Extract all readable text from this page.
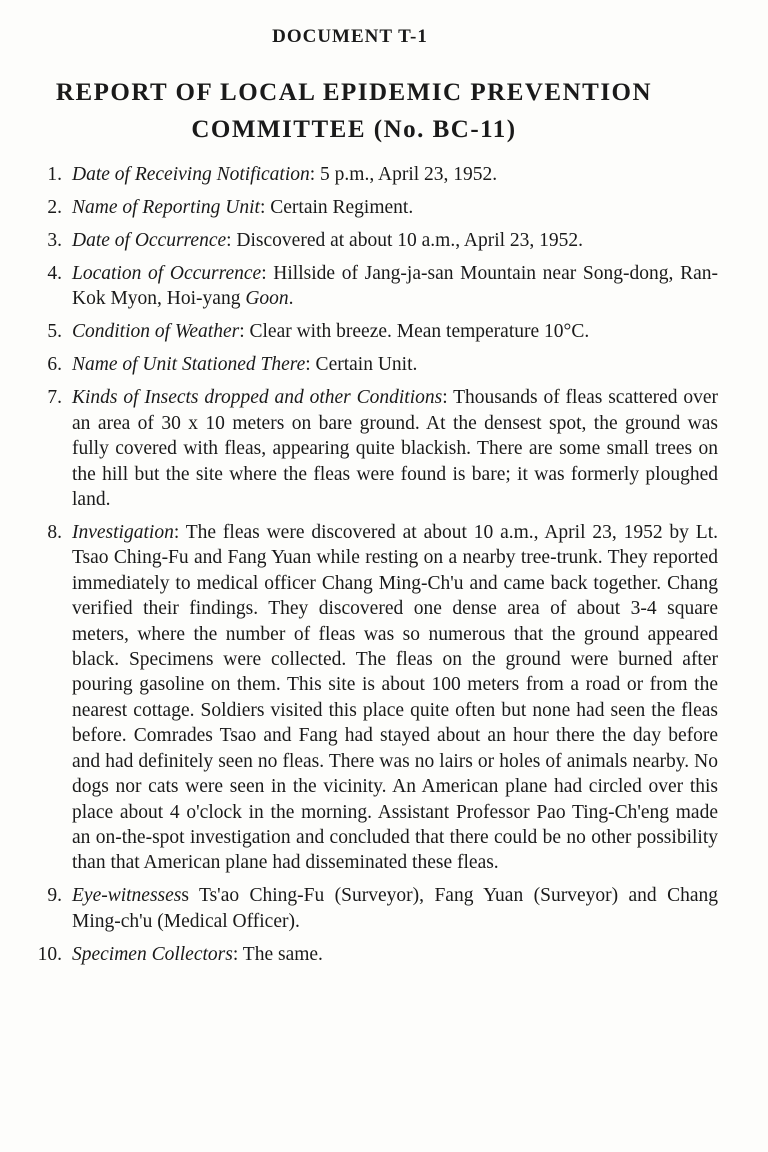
DOCUMENT T-1
REPORT OF LOCAL EPIDEMIC PREVENTION
COMMITTEE (No. BC-11)
1. Date of Receiving Notification: 5 p.m., April 23, 1952.
2. Name of Reporting Unit: Certain Regiment.
3. Date of Occurrence: Discovered at about 10 a.m., April 23, 1952.
4. Location of Occurrence: Hillside of Jang-ja-san Mountain near Song-dong, Ran-Kok Myon, Hoi-yang Goon.
5. Condition of Weather: Clear with breeze. Mean temperature 10°C.
6. Name of Unit Stationed There: Certain Unit.
7. Kinds of Insects dropped and other Conditions: Thousands of fleas scattered over an area of 30 x 10 meters on bare ground. At the densest spot, the ground was fully covered with fleas, appearing quite blackish. There are some small trees on the hill but the site where the fleas were found is bare; it was formerly ploughed land.
8. Investigation: The fleas were discovered at about 10 a.m., April 23, 1952 by Lt. Tsao Ching-Fu and Fang Yuan while resting on a nearby tree-trunk. They reported immediately to medical officer Chang Ming-Ch'u and came back together. Chang verified their findings. They discovered one dense area of about 3-4 square meters, where the number of fleas was so numerous that the ground appeared black. Specimens were collected. The fleas on the ground were burned after pouring gasoline on them. This site is about 100 meters from a road or from the nearest cottage. Soldiers visited this place quite often but none had seen the fleas before. Comrades Tsao and Fang had stayed about an hour there the day before and had definitely seen no fleas. There was no lairs or holes of animals nearby. No dogs nor cats were seen in the vicinity. An American plane had circled over this place about 4 o'clock in the morning. Assistant Professor Pao Ting-Ch'eng made an on-the-spot investigation and concluded that there could be no other possibility than that American plane had disseminated these fleas.
9. Eye-witnessess Ts'ao Ching-Fu (Surveyor), Fang Yuan (Surveyor) and Chang Ming-ch'u (Medical Officer).
10. Specimen Collectors: The same.
